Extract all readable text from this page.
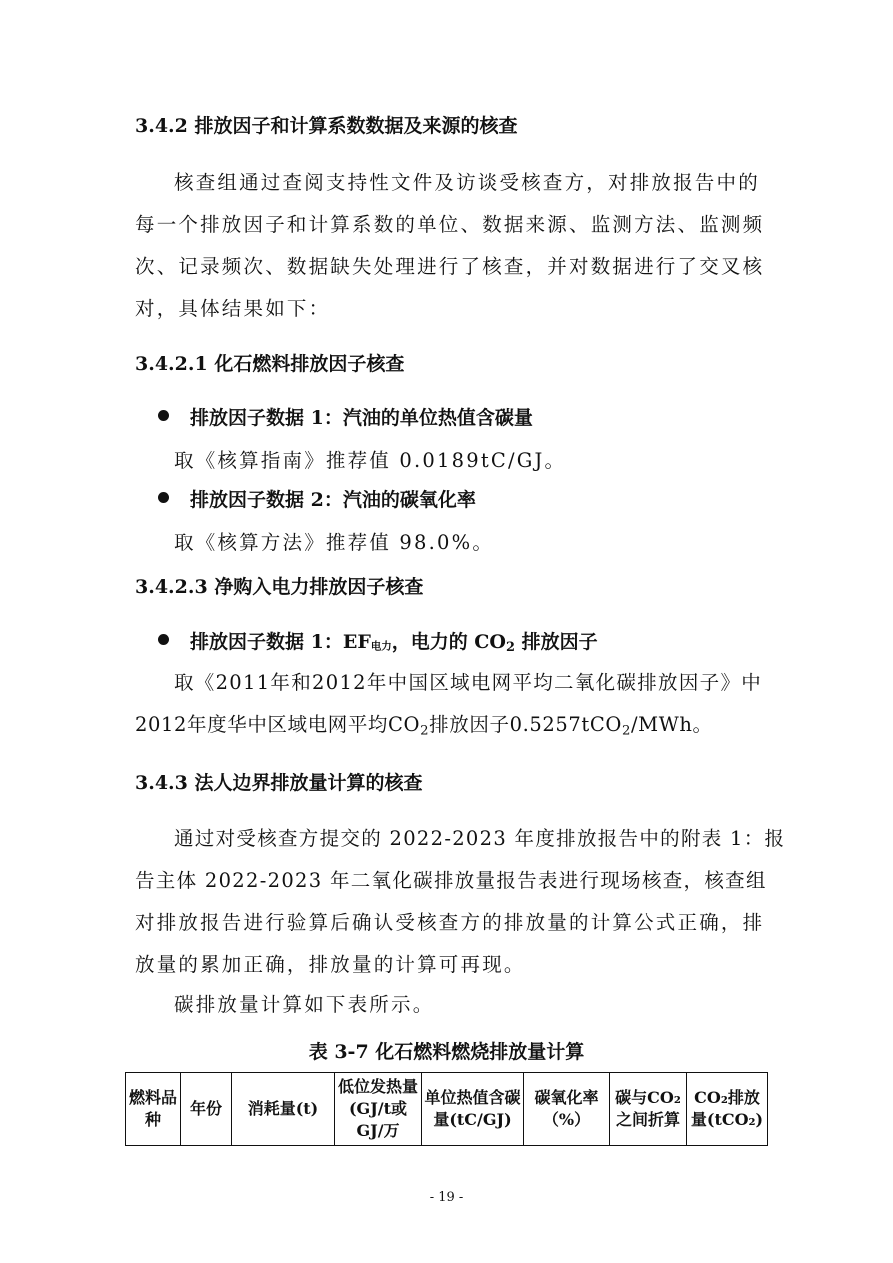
3.4.2 排放因子和计算系数数据及来源的核查
核查组通过查阅支持性文件及访谈受核查方，对排放报告中的
每一个排放因子和计算系数的单位、数据来源、监测方法、监测频
次、记录频次、数据缺失处理进行了核查，并对数据进行了交叉核
对，具体结果如下：
3.4.2.1 化石燃料排放因子核查
排放因子数据 1：汽油的单位热值含碳量
取《核算指南》推荐值 0.0189tC/GJ。
排放因子数据 2：汽油的碳氧化率
取《核算方法》推荐值 98.0%。
3.4.2.3 净购入电力排放因子核查
排放因子数据 1：EF电力，电力的 $CO_2$ 排放因子
取《2011年和2012年中国区域电网平均二氧化碳排放因子》中
2012年度华中区域电网平均$CO_2$排放因子0.5257tCO$_2$/MWh。
3.4.3 法人边界排放量计算的核查
通过对受核查方提交的 2022-2023 年度排放报告中的附表 1：报
告主体 2022-2023 年二氧化碳排放量报告表进行现场核查，核查组
对排放报告进行验算后确认受核查方的排放量的计算公式正确，排
放量的累加正确，排放量的计算可再现。
碳排放量计算如下表所示。
表 3-7 化石燃料燃烧排放量计算
燃料品种	年份	消耗量(t)	低位发热量(GJ/t或 GJ/万	单位热值含碳量(tC/GJ)	碳氧化率（%）	碳与CO₂之间折算	CO₂排放量(tCO₂)
- 19 -
